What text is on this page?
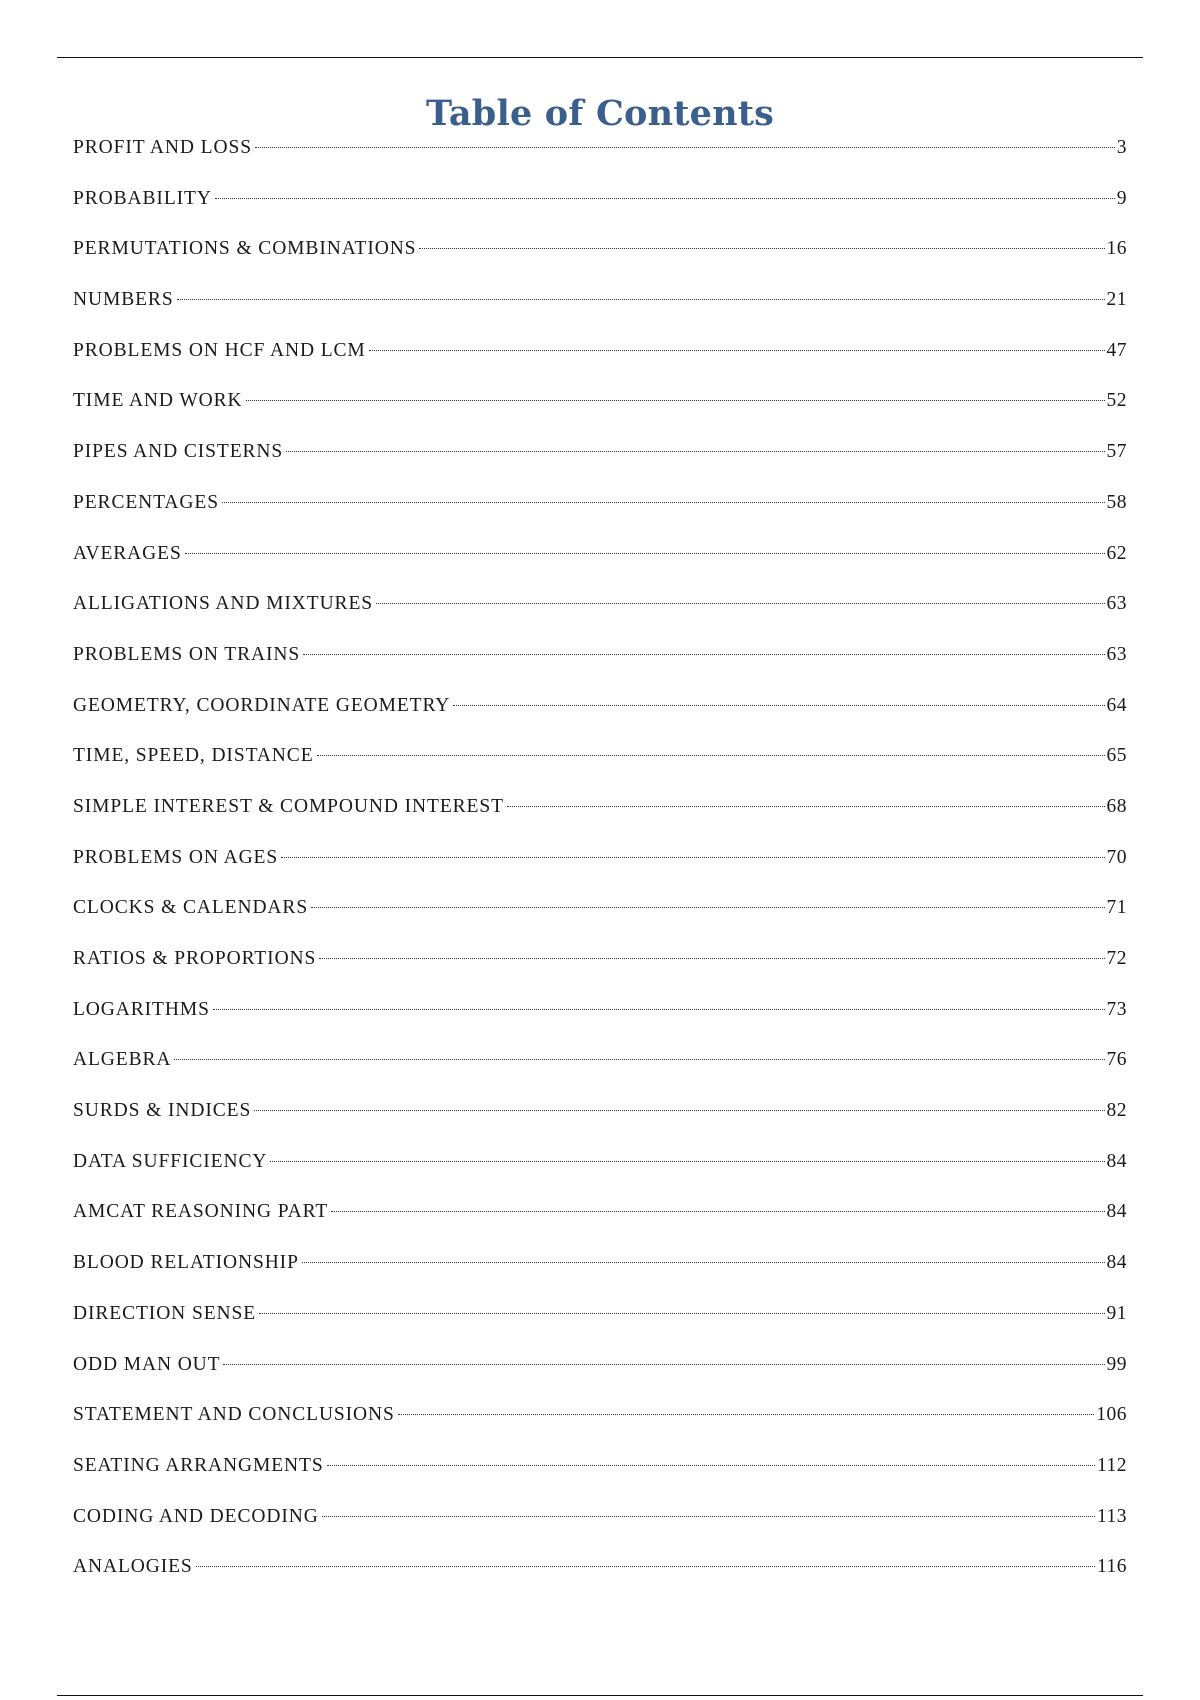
Table of Contents
PROFIT AND LOSS	3
PROBABILITY	9
PERMUTATIONS & COMBINATIONS	16
NUMBERS	21
PROBLEMS ON HCF AND LCM	47
TIME AND WORK	52
PIPES AND CISTERNS	57
PERCENTAGES	58
AVERAGES	62
ALLIGATIONS AND MIXTURES	63
PROBLEMS ON TRAINS	63
GEOMETRY, COORDINATE GEOMETRY	64
TIME, SPEED, DISTANCE	65
SIMPLE INTEREST & COMPOUND INTEREST	68
PROBLEMS ON AGES	70
CLOCKS & CALENDARS	71
RATIOS & PROPORTIONS	72
LOGARITHMS	73
ALGEBRA	76
SURDS & INDICES	82
DATA SUFFICIENCY	84
AMCAT REASONING PART	84
BLOOD RELATIONSHIP	84
DIRECTION SENSE	91
ODD MAN OUT	99
STATEMENT AND CONCLUSIONS	106
SEATING ARRANGMENTS	112
CODING AND DECODING	113
ANALOGIES	116
